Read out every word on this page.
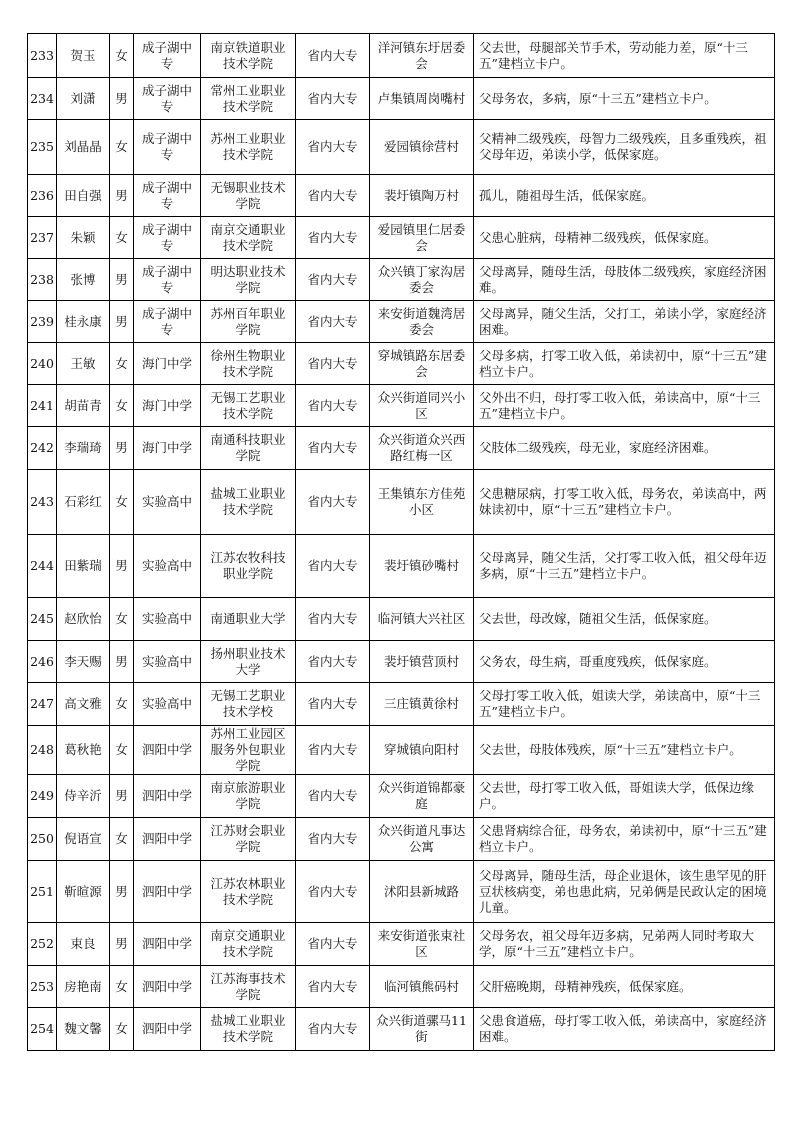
233	贺玉	女	成子湖中专	南京铁道职业技术学院	省内大专	洋河镇东圩居委会	父去世，母腿部关节手术，劳动能力差，原“十三五”建档立卡户。
234	刘潇	男	成子湖中专	常州工业职业技术学院	省内大专	卢集镇周岗嘴村	父母务农，多病，原“十三五”建档立卡户。
235	刘晶晶	女	成子湖中专	苏州工业职业技术学院	省内大专	爱园镇徐营村	父精神二级残疾，母智力二级残疾，且多重残疾，祖父母年迈，弟读小学，低保家庭。
236	田自强	男	成子湖中专	无锡职业技术学院	省内大专	裴圩镇陶万村	孤儿，随祖母生活，低保家庭。
237	朱颖	女	成子湖中专	南京交通职业技术学院	省内大专	爱园镇里仁居委会	父患心脏病，母精神二级残疾，低保家庭。
238	张博	男	成子湖中专	明达职业技术学院	省内大专	众兴镇丁家沟居委会	父母离异，随母生活，母肢体二级残疾，家庭经济困难。
239	桂永康	男	成子湖中专	苏州百年职业学院	省内大专	来安街道魏湾居委会	父母离异，随父生活，父打工，弟读小学，家庭经济困难。
240	王敏	女	海门中学	徐州生物职业技术学院	省内大专	穿城镇路东居委会	父母多病，打零工收入低，弟读初中，原“十三五”建档立卡户。
241	胡苗青	女	海门中学	无锡工艺职业技术学院	省内大专	众兴街道同兴小区	父外出不归，母打零工收入低，弟读高中，原“十三五”建档立卡户。
242	李瑞琦	男	海门中学	南通科技职业学院	省内大专	众兴街道众兴西路红梅一区	父肢体二级残疾，母无业，家庭经济困难。
243	石彩红	女	实验高中	盐城工业职业技术学院	省内大专	王集镇东方佳苑小区	父患糖尿病，打零工收入低，母务农，弟读高中，两妹读初中，原“十三五”建档立卡户。
244	田紫瑞	男	实验高中	江苏农牧科技职业学院	省内大专	裴圩镇砂嘴村	父母离异，随父生活，父打零工收入低，祖父母年迈多病，原“十三五”建档立卡户。
245	赵欣怡	女	实验高中	南通职业大学	省内大专	临河镇大兴社区	父去世，母改嫁，随祖父生活，低保家庭。
246	李天赐	男	实验高中	扬州职业技术大学	省内大专	裴圩镇营顶村	父务农，母生病，哥重度残疾，低保家庭。
247	高文雅	女	实验高中	无锡工艺职业技术学校	省内大专	三庄镇黄徐村	父母打零工收入低，姐读大学，弟读高中，原“十三五”建档立卡户。
248	葛秋艳	女	泗阳中学	苏州工业园区服务外包职业学院	省内大专	穿城镇向阳村	父去世，母肢体残疾，原“十三五”建档立卡户。
249	侍辛沂	男	泗阳中学	南京旅游职业学院	省内大专	众兴街道锦都豪庭	父去世，母打零工收入低，哥姐读大学，低保边缘户。
250	倪语宣	女	泗阳中学	江苏财会职业学院	省内大专	众兴街道凡事达公寓	父患肾病综合征，母务农，弟读初中，原“十三五”建档立卡户。
251	靳暄源	男	泗阳中学	江苏农林职业技术学院	省内大专	沭阳县新城路	父母离异，随母生活，母企业退休，该生患罕见的肝豆状核病变，弟也患此病，兄弟俩是民政认定的困境儿童。
252	束良	男	泗阳中学	南京交通职业技术学院	省内大专	来安街道张束社区	父母务农，祖父母年迈多病，兄弟两人同时考取大学，原“十三五”建档立卡户。
253	房艳南	女	泗阳中学	江苏海事技术学院	省内大专	临河镇熊码村	父肝癌晚期，母精神残疾，低保家庭。
254	魏文馨	女	泗阳中学	盐城工业职业技术学院	省内大专	众兴街道骡马11 街	父患食道癌，母打零工收入低，弟读高中，家庭经济困难。
